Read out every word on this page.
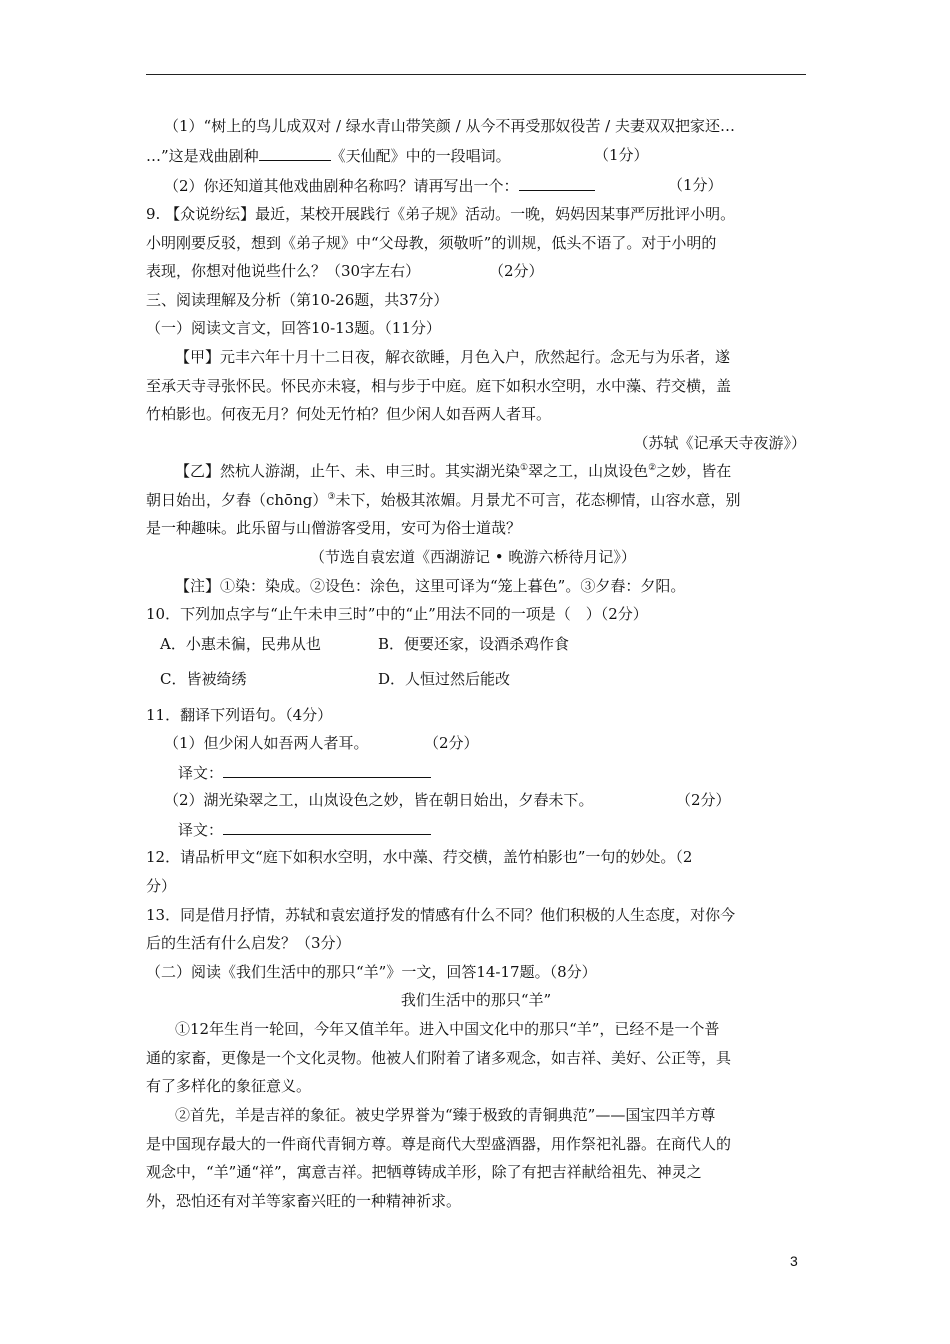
（1）“树上的鸟儿成双对 / 绿水青山带笑颜 / 从今不再受那奴役苦 / 夫妻双双把家还…
…”这是戏曲剧种	《天仙配》中的一段唱词。	（1分）
（2）你还知道其他戏曲剧种名称吗？请再写出一个：	（1分）
9. 【众说纷纭】最近，某校开展践行《弟子规》活动。一晚，妈妈因某事严厉批评小明。
小明刚要反驳，想到《弟子规》中“父母教，须敬听”的训规，低头不语了。对于小明的
表现，你想对他说些什么？（30字左右）	（2分）
三、阅读理解及分析（第10-26题，共37分）
（一）阅读文言文，回答10-13题。（11分）
【甲】元丰六年十月十二日夜，解衣欲睡，月色入户，欣然起行。念无与为乐者，遂
至承天寺寻张怀民。怀民亦未寝，相与步于中庭。庭下如积水空明，水中藻、荇交横，盖
竹柏影也。何夜无月？何处无竹柏？但少闲人如吾两人者耳。
（苏轼《记承天寺夜游》）
【乙】然杭人游湖，止午、未、申三时。其实湖光染①翠之工，山岚设色②之妙，皆在
朝日始出，夕舂（chōng）③未下，始极其浓媚。月景尤不可言，花态柳情，山容水意，别
是一种趣味。此乐留与山僧游客受用，安可为俗士道哉？
（节选自袁宏道《西湖游记 • 晚游六桥待月记》）
【注】①染：染成。②设色：涂色，这里可译为“笼上暮色”。③夕舂：夕阳。
10．下列加点字与“止午未申三时”中的“止”用法不同的一项是（　）（2分）
A．小惠未徧，民弗从也	B．便要还家，设酒杀鸡作食
C．皆被绮绣	D．人恒过然后能改
11．翻译下列语句。（4分）
（1）但少闲人如吾两人者耳。	（2分）
译文：
（2）湖光染翠之工，山岚设色之妙，皆在朝日始出，夕舂未下。	（2分）
译文：
12．请品析甲文“庭下如积水空明，水中藻、荇交横，盖竹柏影也”一句的妙处。（2
分）
13．同是借月抒情，苏轼和袁宏道抒发的情感有什么不同？他们积极的人生态度，对你今
后的生活有什么启发？（3分）
（二）阅读《我们生活中的那只“羊”》一文，回答14-17题。（8分）
我们生活中的那只“羊”
①12年生肖一轮回，今年又值羊年。进入中国文化中的那只“羊”，已经不是一个普
通的家畜，更像是一个文化灵物。他被人们附着了诸多观念，如吉祥、美好、公正等，具
有了多样化的象征意义。
②首先，羊是吉祥的象征。被史学界誉为“臻于极致的青铜典范”——国宝四羊方尊
是中国现存最大的一件商代青铜方尊。尊是商代大型盛酒器，用作祭祀礼器。在商代人的
观念中，“羊”通“祥”，寓意吉祥。把牺尊铸成羊形，除了有把吉祥献给祖先、神灵之
外，恐怕还有对羊等家畜兴旺的一种精神祈求。
3
